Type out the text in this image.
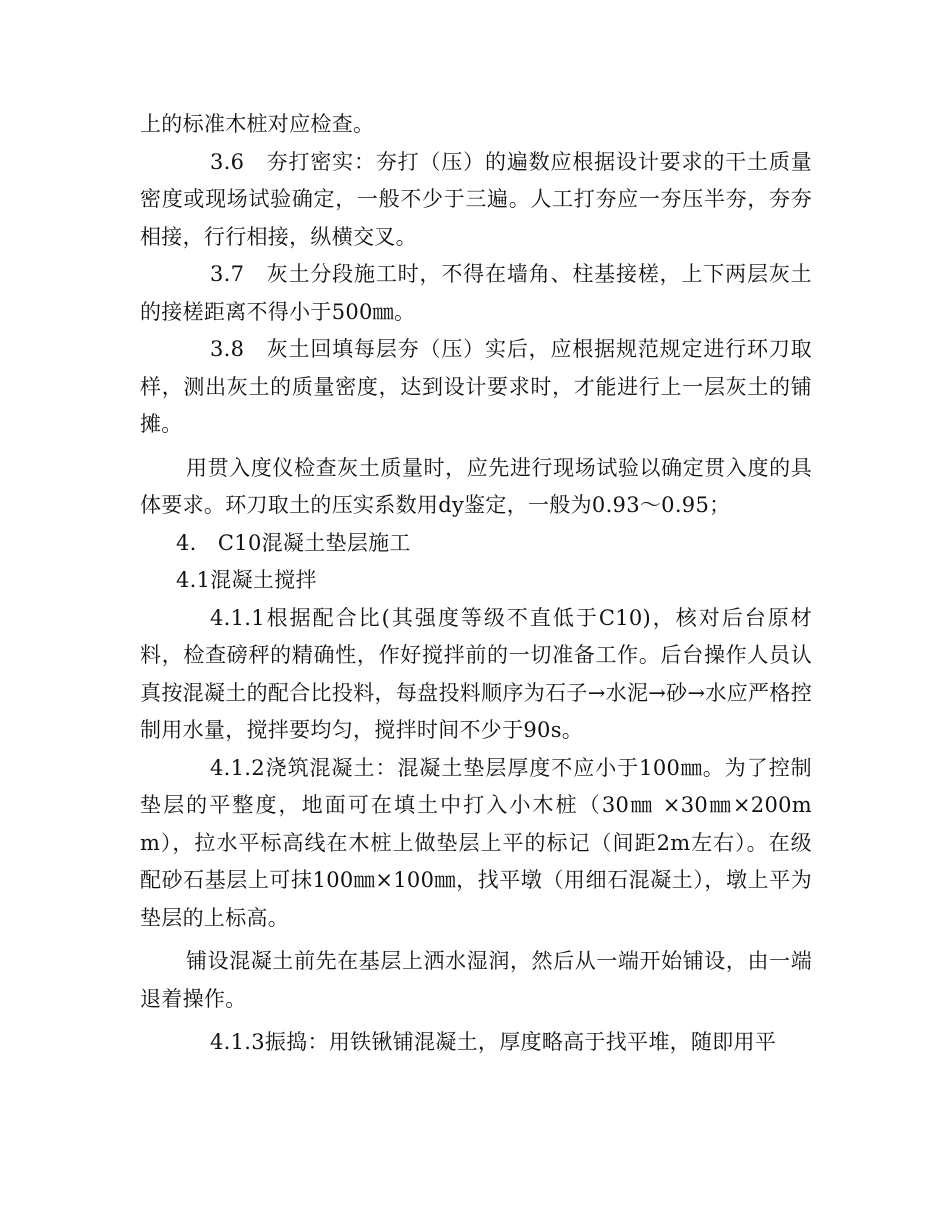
上的标准木桩对应检查。

3.6　夯打密实：夯打（压）的遍数应根据设计要求的干土质量密度或现场试验确定，一般不少于三遍。人工打夯应一夯压半夯，夯夯相接，行行相接，纵横交叉。

3.7　灰土分段施工时，不得在墙角、柱基接槎，上下两层灰土的接槎距离不得小于500㎜。

3.8　灰土回填每层夯（压）实后，应根据规范规定进行环刀取样，测出灰土的质量密度，达到设计要求时，才能进行上一层灰土的铺摊。

用贯入度仪检查灰土质量时，应先进行现场试验以确定贯入度的具体要求。环刀取土的压实系数用dy鉴定，一般为0.93～0.95；

4.　C10混凝土垫层施工

4.1混凝土搅拌

4.1.1根据配合比(其强度等级不直低于C10)，核对后台原材料，检查磅秤的精确性，作好搅拌前的一切准备工作。后台操作人员认真按混凝土的配合比投料，每盘投料顺序为石子→水泥→砂→水应严格控制用水量，搅拌要均匀，搅拌时间不少于90s。

4.1.2浇筑混凝土：混凝土垫层厚度不应小于100㎜。为了控制垫层的平整度，地面可在填土中打入小木桩（30㎜ ×30㎜×200mm），拉水平标高线在木桩上做垫层上平的标记（间距2m左右）。在级配砂石基层上可抹100㎜×100㎜，找平墩（用细石混凝土），墩上平为垫层的上标高。

铺设混凝土前先在基层上洒水湿润，然后从一端开始铺设，由一端退着操作。

4.1.3振捣：用铁锹铺混凝土，厚度略高于找平堆，随即用平
